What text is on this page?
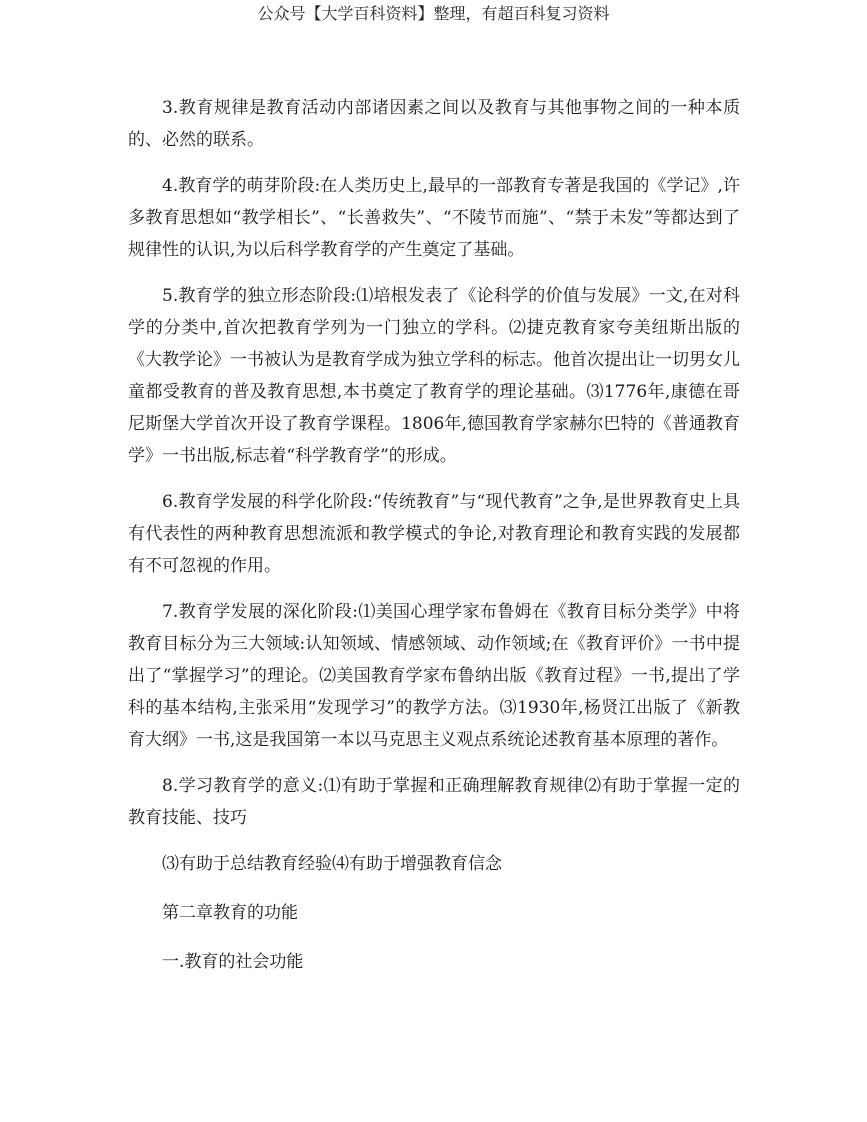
公众号【大学百科资料】整理，有超百科复习资料

3.教育规律是教育活动内部诸因素之间以及教育与其他事物之间的一种本质的、必然的联系。

4.教育学的萌芽阶段:在人类历史上,最早的一部教育专著是我国的《学记》,许多教育思想如“教学相长”、“长善救失”、“不陵节而施”、“禁于未发”等都达到了规律性的认识,为以后科学教育学的产生奠定了基础。

5.教育学的独立形态阶段:⑴培根发表了《论科学的价值与发展》一文,在对科学的分类中,首次把教育学列为一门独立的学科。⑵捷克教育家夸美纽斯出版的《大教学论》一书被认为是教育学成为独立学科的标志。他首次提出让一切男女儿童都受教育的普及教育思想,本书奠定了教育学的理论基础。⑶1776年,康德在哥尼斯堡大学首次开设了教育学课程。1806年,德国教育学家赫尔巴特的《普通教育学》一书出版,标志着“科学教育学”的形成。

6.教育学发展的科学化阶段:“传统教育”与“现代教育”之争,是世界教育史上具有代表性的两种教育思想流派和教学模式的争论,对教育理论和教育实践的发展都有不可忽视的作用。

7.教育学发展的深化阶段:⑴美国心理学家布鲁姆在《教育目标分类学》中将教育目标分为三大领域:认知领域、情感领域、动作领域;在《教育评价》一书中提出了“掌握学习”的理论。⑵美国教育学家布鲁纳出版《教育过程》一书,提出了学科的基本结构,主张采用“发现学习”的教学方法。⑶1930年,杨贤江出版了《新教育大纲》一书,这是我国第一本以马克思主义观点系统论述教育基本原理的著作。

8.学习教育学的意义:⑴有助于掌握和正确理解教育规律⑵有助于掌握一定的教育技能、技巧

⑶有助于总结教育经验⑷有助于增强教育信念

第二章教育的功能

一.教育的社会功能
